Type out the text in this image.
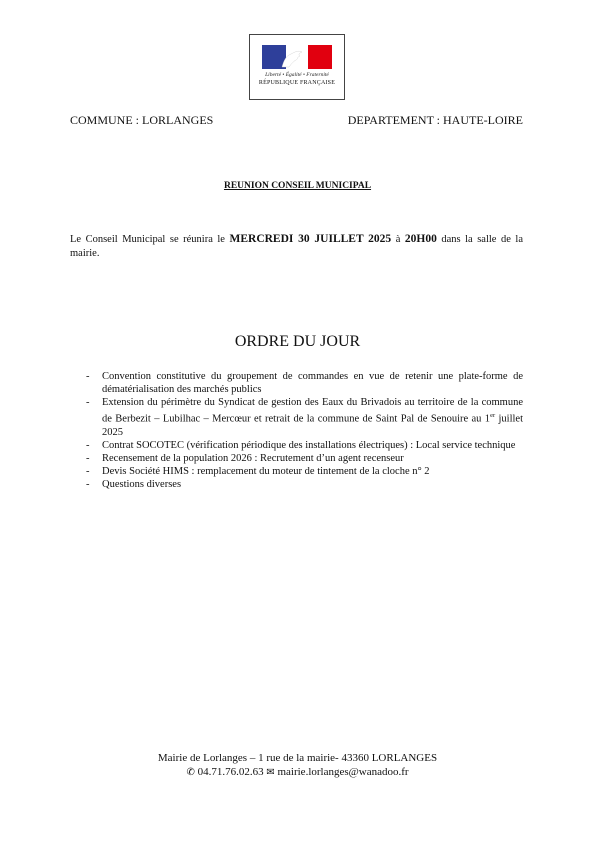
Liberté • Égalité • Fraternité
RÉPUBLIQUE FRANÇAISE
COMMUNE : LORLANGES	DEPARTEMENT : HAUTE-LOIRE
REUNION CONSEIL MUNICIPAL
Le Conseil Municipal se réunira le MERCREDI 30 JUILLET 2025 à 20H00 dans la salle de la mairie.
ORDRE DU JOUR
- Convention constitutive du groupement de commandes en vue de retenir une plate-forme de dématérialisation des marchés publics
- Extension du périmètre du Syndicat de gestion des Eaux du Brivadois au territoire de la commune de Berbezit – Lubilhac – Mercœur et retrait de la commune de Saint Pal de Senouire au 1er juillet 2025
- Contrat SOCOTEC (vérification périodique des installations électriques) : Local service technique
- Recensement de la population 2026 : Recrutement d’un agent recenseur
- Devis Société HIMS : remplacement du moteur de tintement de la cloche n° 2
- Questions diverses
Mairie de Lorlanges – 1 rue de la mairie- 43360 LORLANGES
✆ 04.71.76.02.63 ✉ mairie.lorlanges@wanadoo.fr
